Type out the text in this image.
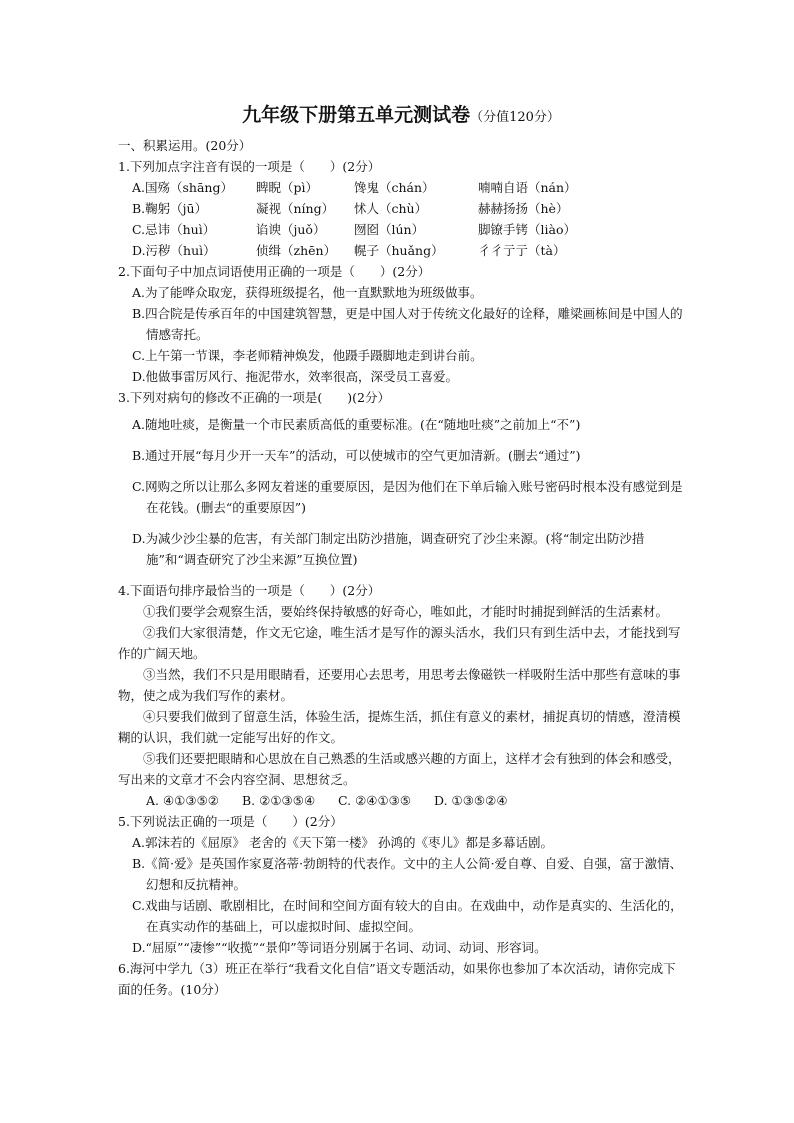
九年级下册第五单元测试卷（分值120分）

一、积累运用。(20分）

1.下列加点字注音有误的一项是（　　）(2分）

A.国殇（shāng）	睥睨（pì）	馋鬼（chán）	喃喃自语（nán）
B.鞠躬（jū）	凝视（níng）	怵人（chù）	赫赫扬扬（hè）
C.忌讳（huì）	谄谀（juǒ）	囫囵（lún）	脚镣手铐（liào）
D.污秽（huì）	侦缉（zhēn）	幌子（huǎng）	彳彳亍亍（tà）

2.下面句子中加点词语使用正确的一项是（　　）(2分）

A.为了能哗众取宠，获得班级提名，他一直默默地为班级做事。

B.四合院是传承百年的中国建筑智慧，更是中国人对于传统文化最好的诠释，雕梁画栋间是中国人的情感寄托。

C.上午第一节课，李老师精神焕发，他蹑手蹑脚地走到讲台前。

D.他做事雷厉风行、拖泥带水，效率很高，深受员工喜爱。

3.下列对病句的修改不正确的一项是(　　)(2分）

A.随地吐痰，是衡量一个市民素质高低的重要标准。(在“随地吐痰”之前加上“不”)

B.通过开展“每月少开一天车”的活动，可以使城市的空气更加清新。(删去“通过”)

C.网购之所以让那么多网友着迷的重要原因，是因为他们在下单后输入账号密码时根本没有感觉到是在花钱。(删去“的重要原因”)

D.为减少沙尘暴的危害，有关部门制定出防沙措施，调查研究了沙尘来源。(将“制定出防沙措施”和“调查研究了沙尘来源”互换位置)

4.下面语句排序最恰当的一项是（　　）(2分）

①我们要学会观察生活，要始终保持敏感的好奇心，唯如此，才能时时捕捉到鲜活的生活素材。

②我们大家很清楚，作文无它途，唯生活才是写作的源头活水，我们只有到生活中去，才能找到写作的广阔天地。

③当然，我们不只是用眼睛看，还要用心去思考，用思考去像磁铁一样吸附生活中那些有意味的事物，使之成为我们写作的素材。

④只要我们做到了留意生活，体验生活，提炼生活，抓住有意义的素材，捕捉真切的情感，澄清模糊的认识，我们就一定能写出好的作文。

⑤我们还要把眼睛和心思放在自己熟悉的生活或感兴趣的方面上，这样才会有独到的体会和感受，写出来的文章才不会内容空洞、思想贫乏。

A. ④①③⑤②	B. ②①③⑤④	C. ②④①③⑤	D. ①③⑤②④

5.下列说法正确的一项是（　　）(2分）

A.郭沫若的《屈原》 老舍的《天下第一楼》 孙鸿的《枣儿》都是多幕话剧。

B.《简·爱》是英国作家夏洛蒂·勃朗特的代表作。文中的主人公简·爱自尊、自爱、自强，富于激情、幻想和反抗精神。

C.戏曲与话剧、歌剧相比，在时间和空间方面有较大的自由。在戏曲中，动作是真实的、生活化的，在真实动作的基础上，可以虚拟时间、虚拟空间。

D.“屈原”“凄惨”“收揽”“景仰”等词语分别属于名词、动词、动词、形容词。

6.海河中学九（3）班正在举行“我看文化自信”语文专题活动，如果你也参加了本次活动，请你完成下面的任务。(10分）
